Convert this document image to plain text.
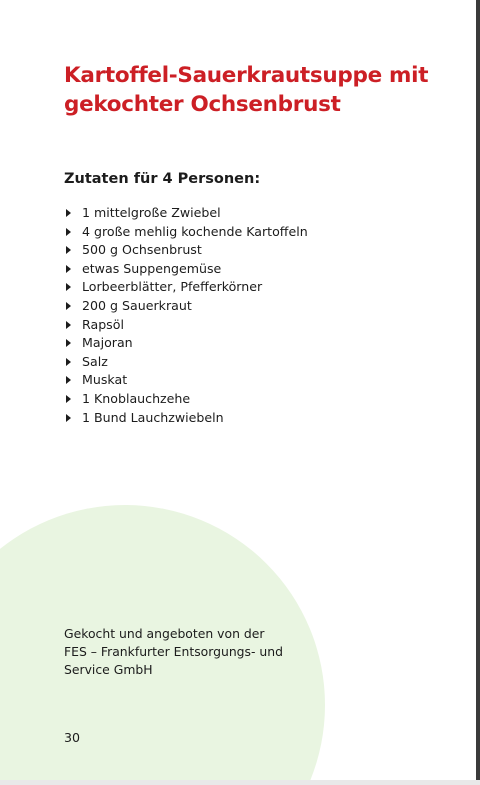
Kartoffel-Sauerkrautsuppe mit
gekochter Ochsenbrust
Zutaten für 4 Personen:
1 mittelgroße Zwiebel
4 große mehlig kochende Kartoffeln
500 g Ochsenbrust
etwas Suppengemüse
Lorbeerblätter, Pfefferkörner
200 g Sauerkraut
Rapsöl
Majoran
Salz
Muskat
1 Knoblauchzehe
1 Bund Lauchzwiebeln

Gekocht und angeboten von der
FES – Frankfurter Entsorgungs- und
Service GmbH

30
